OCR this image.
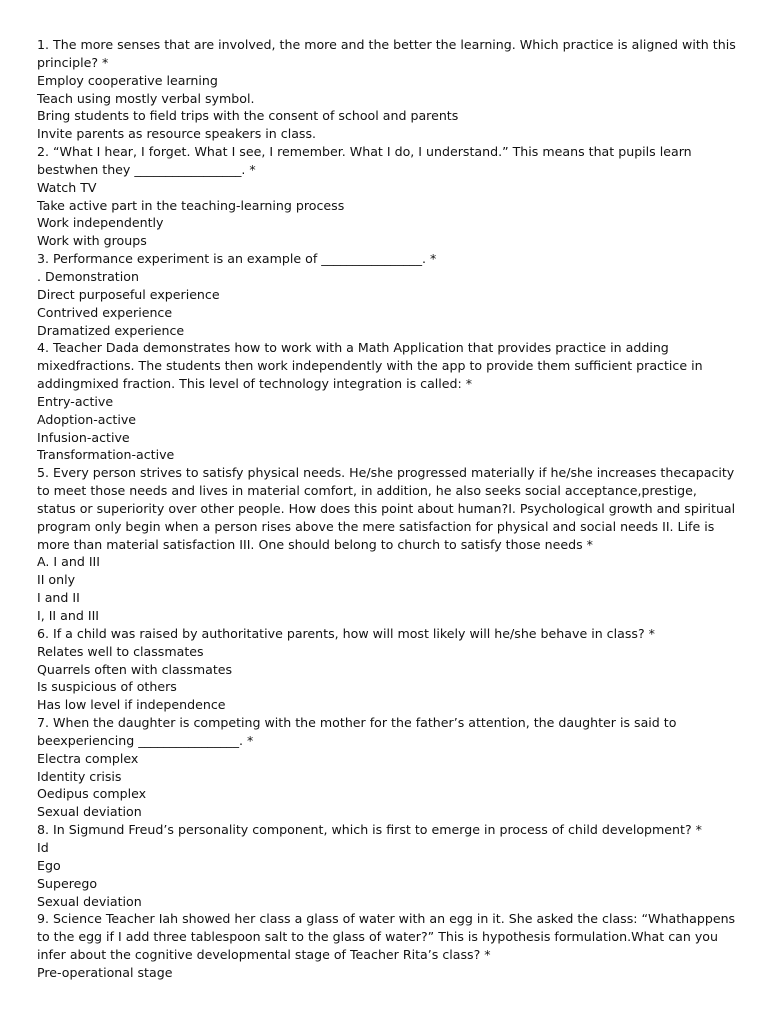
1. The more senses that are involved, the more and the better the learning. Which practice is aligned with this principle? *
Employ cooperative learning
Teach using mostly verbal symbol.
Bring students to field trips with the consent of school and parents
Invite parents as resource speakers in class.
2. “What I hear, I forget. What I see, I remember. What I do, I understand.” This means that pupils learn bestwhen they _________________. *
Watch TV
Take active part in the teaching-learning process
Work independently
Work with groups
3. Performance experiment is an example of ________________. *
. Demonstration
Direct purposeful experience
Contrived experience
Dramatized experience
4. Teacher Dada demonstrates how to work with a Math Application that provides practice in adding mixedfractions. The students then work independently with the app to provide them sufficient practice in addingmixed fraction. This level of technology integration is called: *
Entry-active
Adoption-active
Infusion-active
Transformation-active
5. Every person strives to satisfy physical needs. He/she progressed materially if he/she increases thecapacity to meet those needs and lives in material comfort, in addition, he also seeks social acceptance,prestige, status or superiority over other people. How does this point about human?I. Psychological growth and spiritual program only begin when a person rises above the mere satisfaction for physical and social needs II. Life is more than material satisfaction III. One should belong to church to satisfy those needs *
A. I and III
II only
I and II
I, II and III
6. If a child was raised by authoritative parents, how will most likely will he/she behave in class? *
Relates well to classmates
Quarrels often with classmates
Is suspicious of others
Has low level if independence
7. When the daughter is competing with the mother for the father’s attention, the daughter is said to beexperiencing ________________. *
Electra complex
Identity crisis
Oedipus complex
Sexual deviation
8. In Sigmund Freud’s personality component, which is first to emerge in process of child development? *
Id
Ego
Superego
Sexual deviation
9. Science Teacher Iah showed her class a glass of water with an egg in it. She asked the class: “Whathappens to the egg if I add three tablespoon salt to the glass of water?” This is hypothesis formulation.What can you infer about the cognitive developmental stage of Teacher Rita’s class? *
Pre-operational stage
